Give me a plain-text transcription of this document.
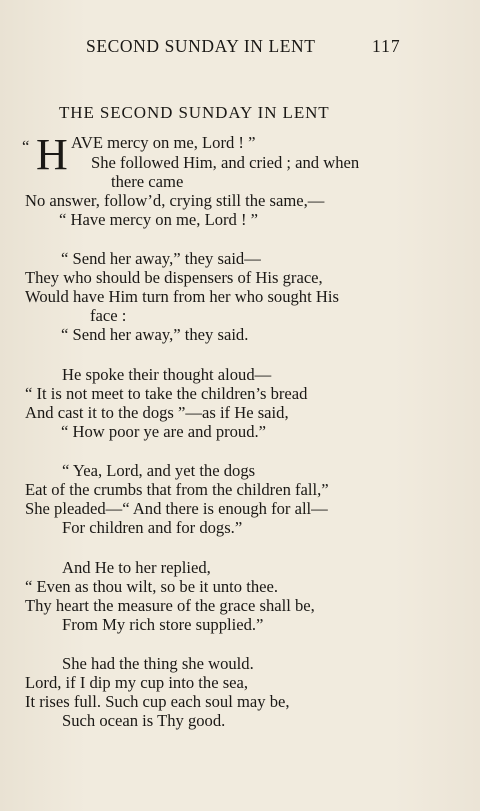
SECOND SUNDAY IN LENT	117
THE SECOND SUNDAY IN LENT
“ H AVE mercy on me, Lord ! ”
She followed Him, and cried ; and when
there came
No answer, follow’d, crying still the same,—
“ Have mercy on me, Lord ! ”
“ Send her away,” they said—
They who should be dispensers of His grace,
Would have Him turn from her who sought His
face :
“ Send her away,” they said.
He spoke their thought aloud—
“ It is not meet to take the children’s bread
And cast it to the dogs ”—as if He said,
“ How poor ye are and proud.”
“ Yea, Lord, and yet the dogs
Eat of the crumbs that from the children fall,”
She pleaded—“ And there is enough for all—
For children and for dogs.”
And He to her replied,
“ Even as thou wilt, so be it unto thee.
Thy heart the measure of the grace shall be,
From My rich store supplied.”
She had the thing she would.
Lord, if I dip my cup into the sea,
It rises full. Such cup each soul may be,
Such ocean is Thy good.
